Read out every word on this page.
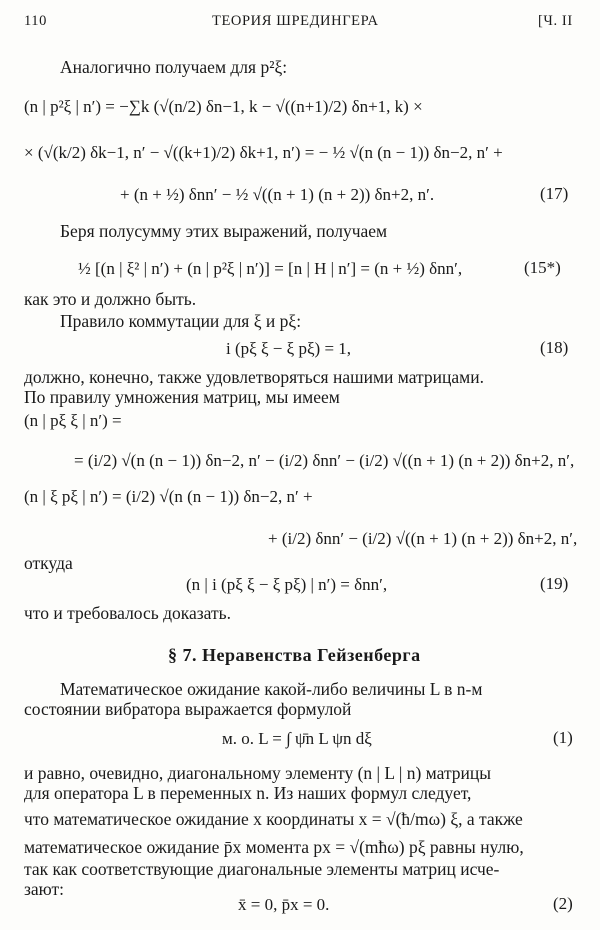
110	ТЕОРИЯ ШРЕДИНГЕРА	[Ч. II
Аналогично получаем для p²ξ:
(n | p²ξ | n′) = −∑k (√(n/2) δn−1, k − √((n+1)/2) δn+1, k) ×
× (√(k/2) δk−1, n′ − √((k+1)/2) δk+1, n′) = − ½ √(n (n − 1)) δn−2, n′ +
+ (n + ½) δnn′ − ½ √((n + 1) (n + 2)) δn+2, n′.	(17)
Беря полусумму этих выражений, получаем
½ [(n | ξ² | n′) + (n | p²ξ | n′)] = [n | H | n′] = (n + ½) δnn′,	(15*)
как это и должно быть.
Правило коммутации для ξ и pξ:
i (pξ ξ − ξ pξ) = 1,	(18)
должно, конечно, также удовлетворяться нашими матрицами.
По правилу умножения матриц, мы имеем
(n | pξ ξ | n′) =
= (i/2) √(n (n − 1)) δn−2, n′ − (i/2) δnn′ − (i/2) √((n + 1) (n + 2)) δn+2, n′,
(n | ξ pξ | n′) = (i/2) √(n (n − 1)) δn−2, n′ +
+ (i/2) δnn′ − (i/2) √((n + 1) (n + 2)) δn+2, n′,
откуда
(n | i (pξ ξ − ξ pξ) | n′) = δnn′,	(19)
что и требовалось доказать.
§ 7. Неравенства Гейзенберга
Математическое ожидание какой-либо величины L в n-м
состоянии вибратора выражается формулой
м. о. L = ∫ ψ̄n L ψn dξ	(1)
и равно, очевидно, диагональному элементу (n | L | n) матрицы
для оператора L в переменных n. Из наших формул следует,
что математическое ожидание x координаты x = √(ħ/mω) ξ, а также
математическое ожидание p̄x момента px = √(mħω) pξ равны нулю,
так как соответствующие диагональные элементы матриц исче-
зают:
x̄ = 0, p̄x = 0.	(2)
